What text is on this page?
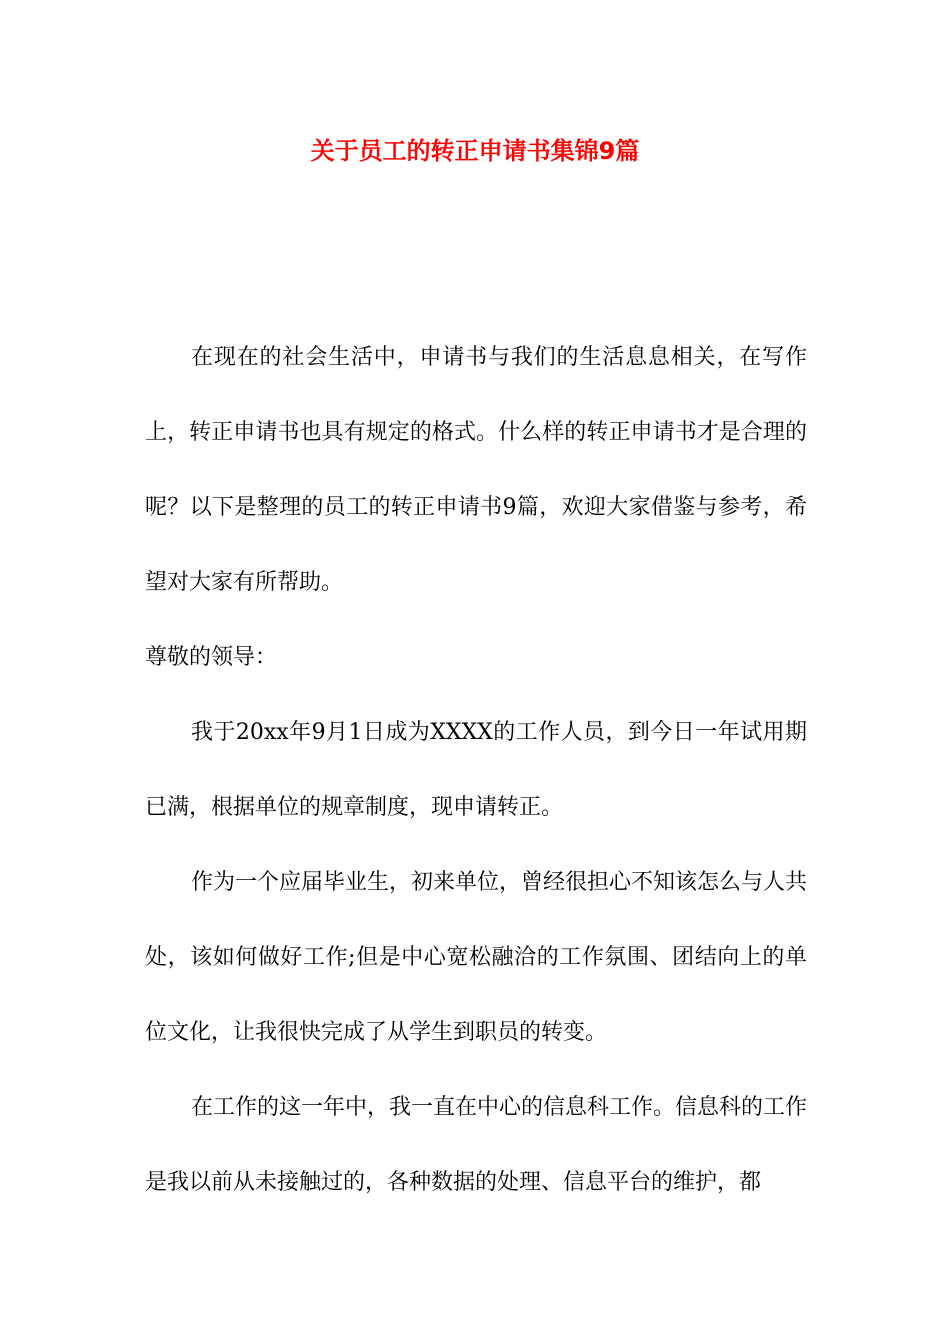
关于员工的转正申请书集锦9篇

在现在的社会生活中，申请书与我们的生活息息相关，在写作上，转正申请书也具有规定的格式。什么样的转正申请书才是合理的呢？以下是整理的员工的转正申请书9篇，欢迎大家借鉴与参考，希望对大家有所帮助。

尊敬的领导：

我于20xx年9月1日成为XXXX的工作人员，到今日一年试用期已满，根据单位的规章制度，现申请转正。

作为一个应届毕业生，初来单位，曾经很担心不知该怎么与人共处，该如何做好工作;但是中心宽松融洽的工作氛围、团结向上的单位文化，让我很快完成了从学生到职员的转变。

在工作的这一年中，我一直在中心的信息科工作。信息科的工作是我以前从未接触过的，各种数据的处理、信息平台的维护，都
